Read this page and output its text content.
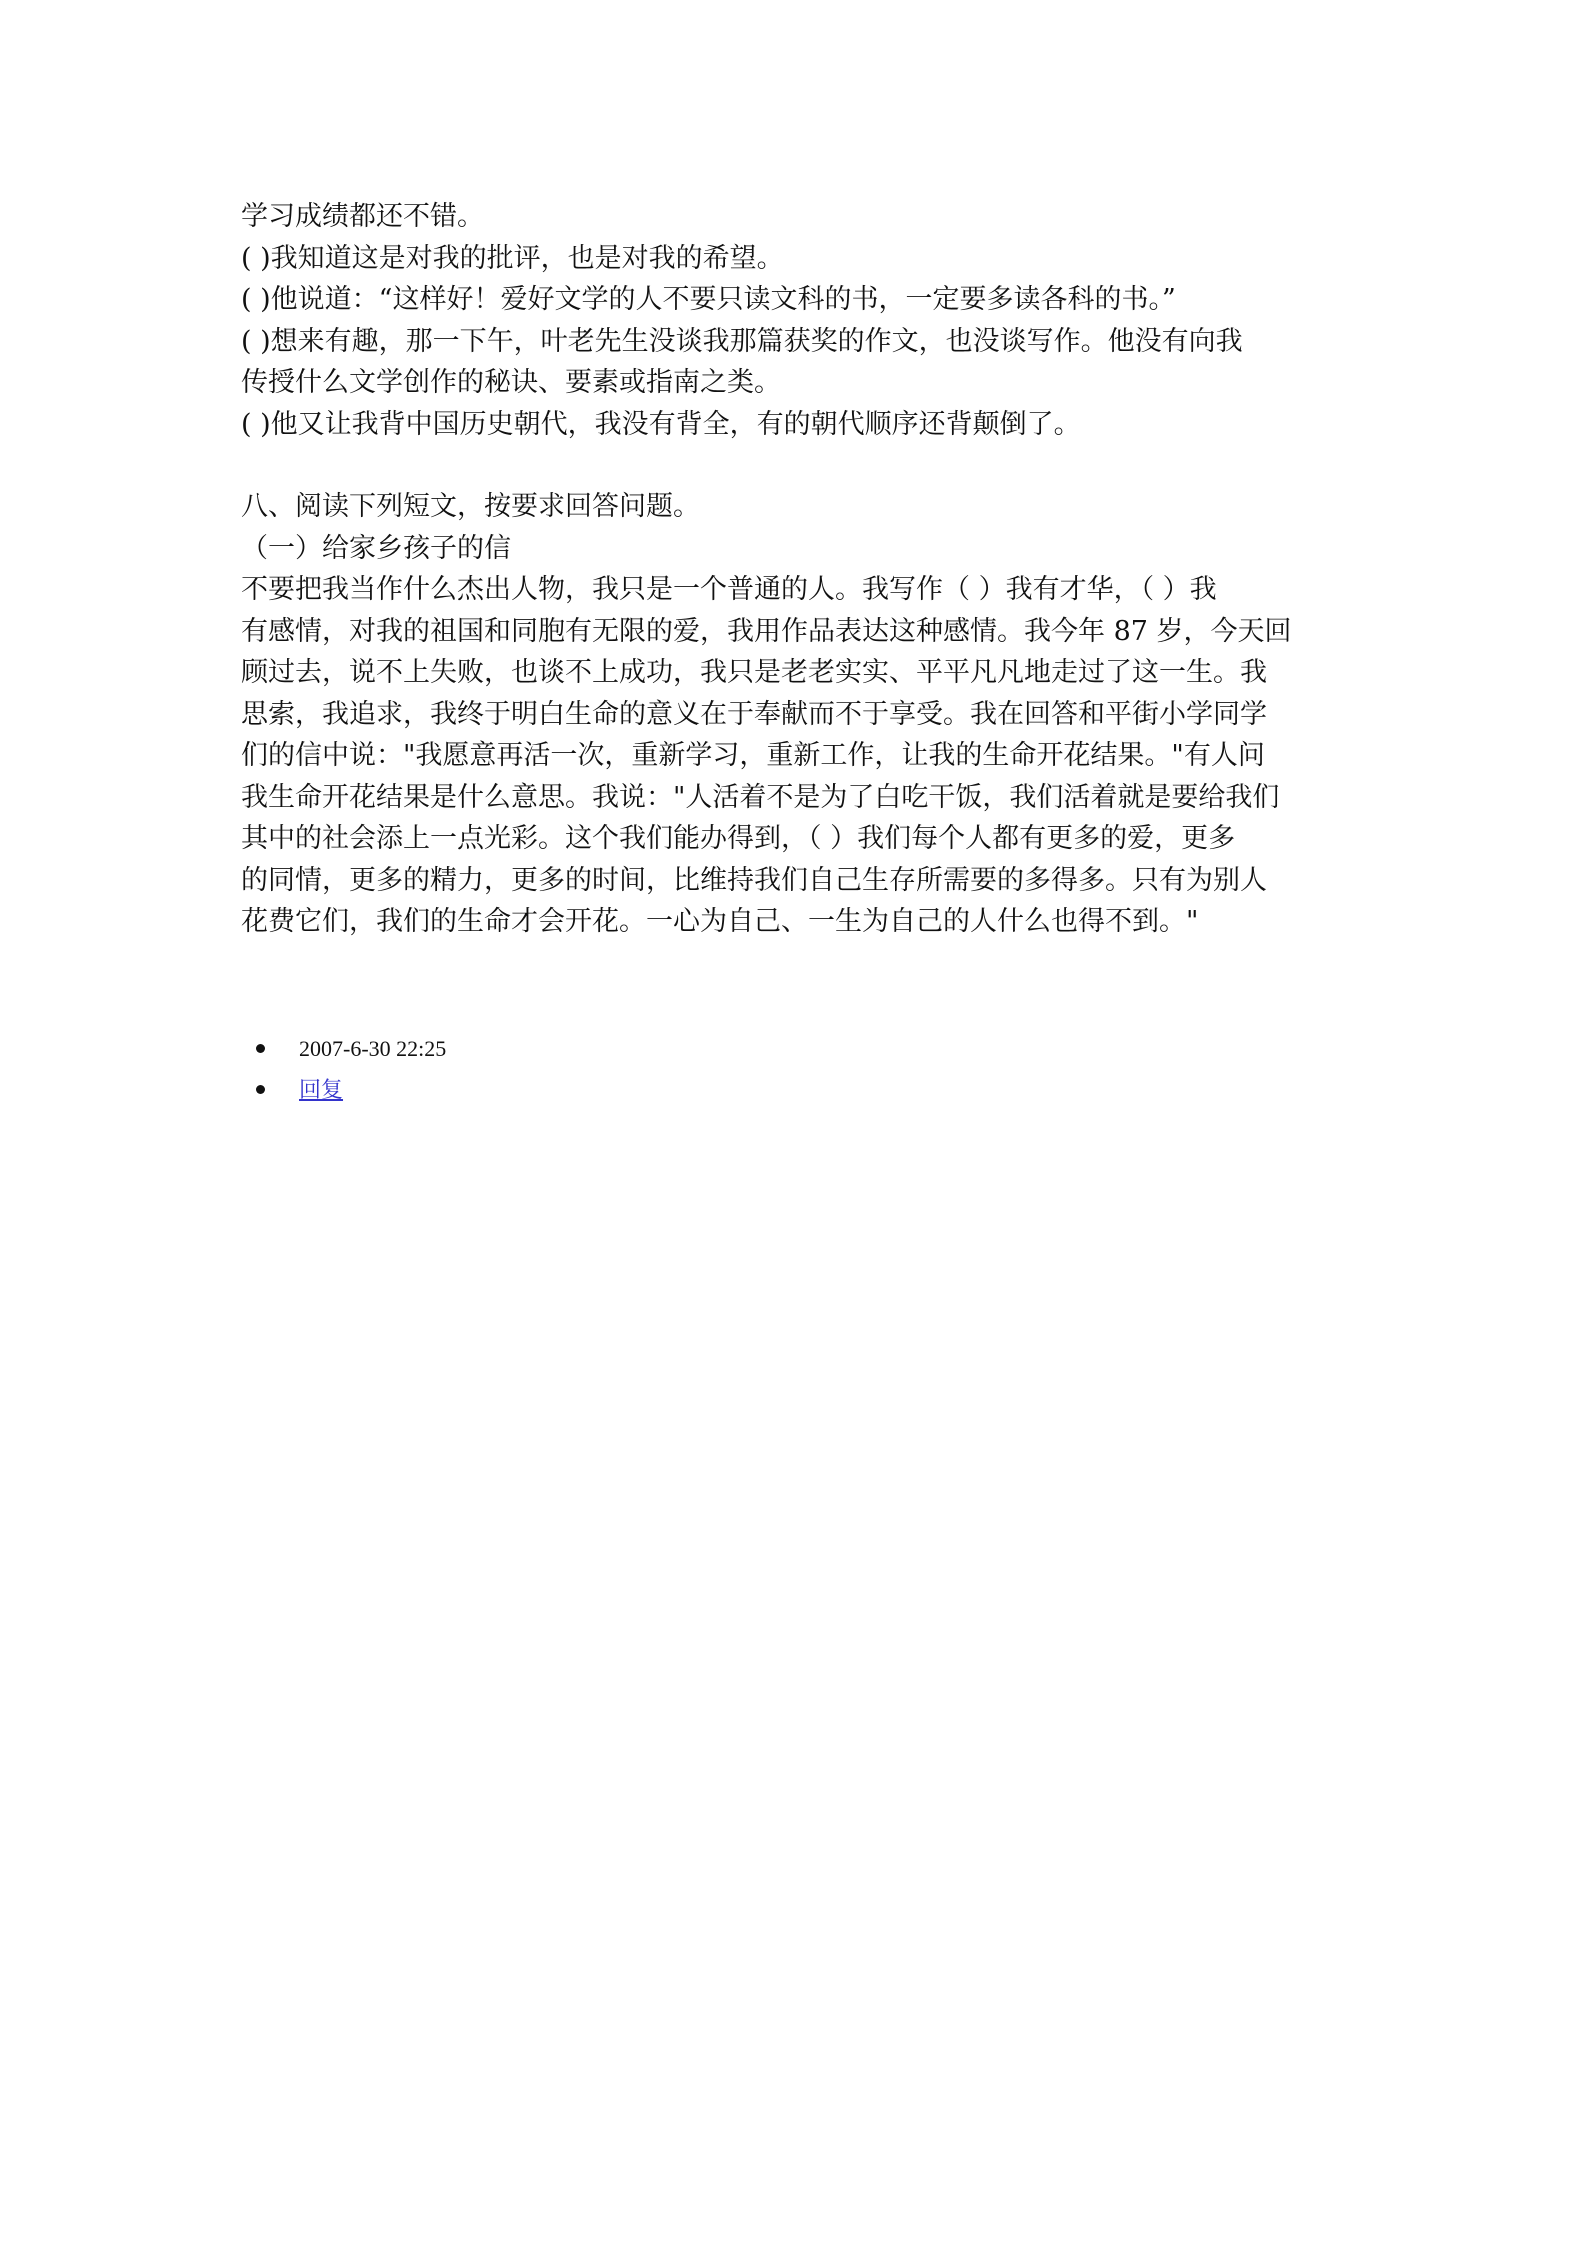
学习成绩都还不错。

( )我知道这是对我的批评，也是对我的希望。

( )他说道：“这样好！爱好文学的人不要只读文科的书，一定要多读各科的书。”

( )想来有趣，那一下午，叶老先生没谈我那篇获奖的作文，也没谈写作。他没有向我

传授什么文学创作的秘诀、要素或指南之类。

( )他又让我背中国历史朝代，我没有背全，有的朝代顺序还背颠倒了。

八、阅读下列短文，按要求回答问题。

（一）给家乡孩子的信

不要把我当作什么杰出人物，我只是一个普通的人。我写作（ ）我有才华，（ ）我

有感情，对我的祖国和同胞有无限的爱，我用作品表达这种感情。我今年 87 岁，今天回

顾过去，说不上失败，也谈不上成功，我只是老老实实、平平凡凡地走过了这一生。我

思索，我追求，我终于明白生命的意义在于奉献而不于享受。我在回答和平街小学同学

们的信中说："我愿意再活一次，重新学习，重新工作，让我的生命开花结果。"有人问

我生命开花结果是什么意思。我说："人活着不是为了白吃干饭，我们活着就是要给我们

其中的社会添上一点光彩。这个我们能办得到，（ ）我们每个人都有更多的爱，更多

的同情，更多的精力，更多的时间，比维持我们自己生存所需要的多得多。只有为别人

花费它们，我们的生命才会开花。一心为自己、一生为自己的人什么也得不到。"

2007-6-30 22:25
回复
